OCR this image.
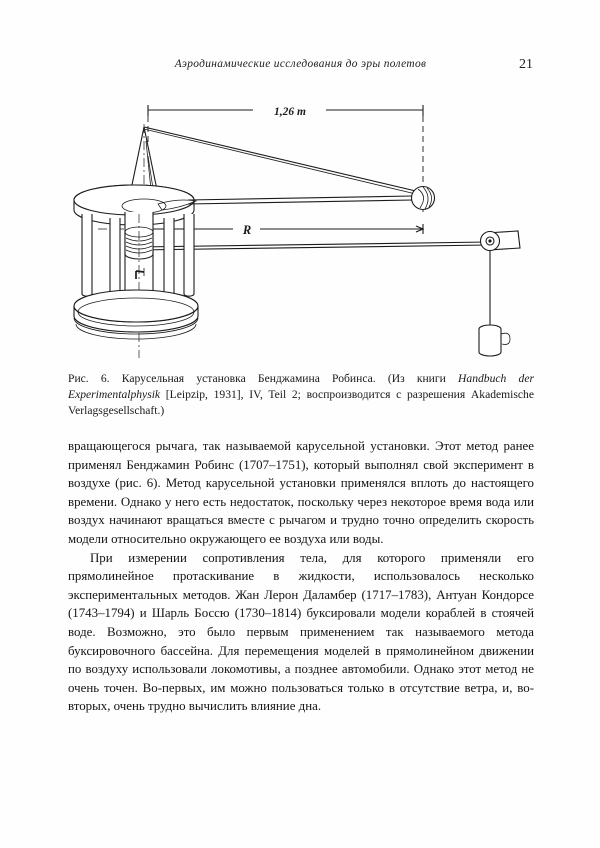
Аэродинамические исследования до эры полетов	21
1,26 m
R
Рис. 6. Карусельная установка Бенджамина Робинса. (Из книги Handbuch der Experimentalphysik [Leipzip, 1931], IV, Teil 2; воспроизводится с разрешения Akademische Verlagsgesellschaft.)

вращающегося рычага, так называемой карусельной установки. Этот метод ранее применял Бенджамин Робинс (1707–1751), который выполнял свой эксперимент в воздухе (рис. 6). Метод карусельной установки применялся вплоть до настоящего времени. Однако у него есть недостаток, поскольку через некоторое время вода или воздух начинают вращаться вместе с рычагом и трудно точно определить скорость модели относительно окружающего ее воздуха или воды.

При измерении сопротивления тела, для которого применяли его прямолинейное протаскивание в жидкости, использовалось несколько экспериментальных методов. Жан Лерон Даламбер (1717–1783), Антуан Кондорсе (1743–1794) и Шарль Боссю (1730–1814) буксировали модели кораблей в стоячей воде. Возможно, это было первым применением так называемого метода буксировочного бассейна. Для перемещения моделей в прямолинейном движении по воздуху использовали локомотивы, а позднее автомобили. Однако этот метод не очень точен. Во-первых, им можно пользоваться только в отсутствие ветра, и, во-вторых, очень трудно вычислить влияние дна.
